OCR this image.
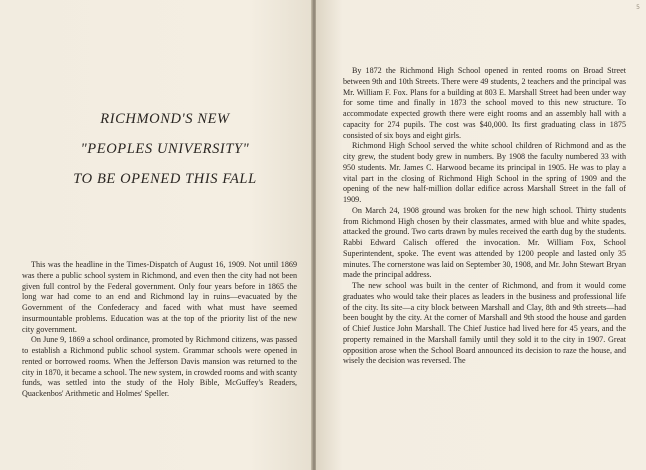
RICHMOND'S NEW
"PEOPLES UNIVERSITY"
TO BE OPENED THIS FALL

This was the headline in the Times-Dispatch of August 16, 1909. Not until 1869 was there a public school system in Richmond, and even then the city had not been given full control by the Federal government. Only four years before in 1865 the long war had come to an end and Richmond lay in ruins—evacuated by the Government of the Confederacy and faced with what must have seemed insurmountable problems. Education was at the top of the priority list of the new city government.

On June 9, 1869 a school ordinance, promoted by Richmond citizens, was passed to establish a Richmond public school system. Grammar schools were opened in rented or borrowed rooms. When the Jefferson Davis mansion was returned to the city in 1870, it became a school. The new system, in crowded rooms and with scanty funds, was settled into the study of the Holy Bible, McGuffey's Readers, Quackenbos' Arithmetic and Holmes' Speller.

5

By 1872 the Richmond High School opened in rented rooms on Broad Street between 9th and 10th Streets. There were 49 students, 2 teachers and the principal was Mr. William F. Fox. Plans for a building at 803 E. Marshall Street had been under way for some time and finally in 1873 the school moved to this new structure. To accommodate expected growth there were eight rooms and an assembly hall with a capacity for 274 pupils. The cost was $40,000. Its first graduating class in 1875 consisted of six boys and eight girls.

Richmond High School served the white school children of Richmond and as the city grew, the student body grew in numbers. By 1908 the faculty numbered 33 with 950 students. Mr. James C. Harwood became its principal in 1905. He was to play a vital part in the closing of Richmond High School in the spring of 1909 and the opening of the new half-million dollar edifice across Marshall Street in the fall of 1909.

On March 24, 1908 ground was broken for the new high school. Thirty students from Richmond High chosen by their classmates, armed with blue and white spades, attacked the ground. Two carts drawn by mules received the earth dug by the students. Rabbi Edward Calisch offered the invocation. Mr. William Fox, School Superintendent, spoke. The event was attended by 1200 people and lasted only 35 minutes. The cornerstone was laid on September 30, 1908, and Mr. John Stewart Bryan made the principal address.

The new school was built in the center of Richmond, and from it would come graduates who would take their places as leaders in the business and professional life of the city. Its site—a city block between Marshall and Clay, 8th and 9th streets—had been bought by the city. At the corner of Marshall and 9th stood the house and garden of Chief Justice John Marshall. The Chief Justice had lived here for 45 years, and the property remained in the Marshall family until they sold it to the city in 1907. Great opposition arose when the School Board announced its decision to raze the house, and wisely the decision was reversed. The
